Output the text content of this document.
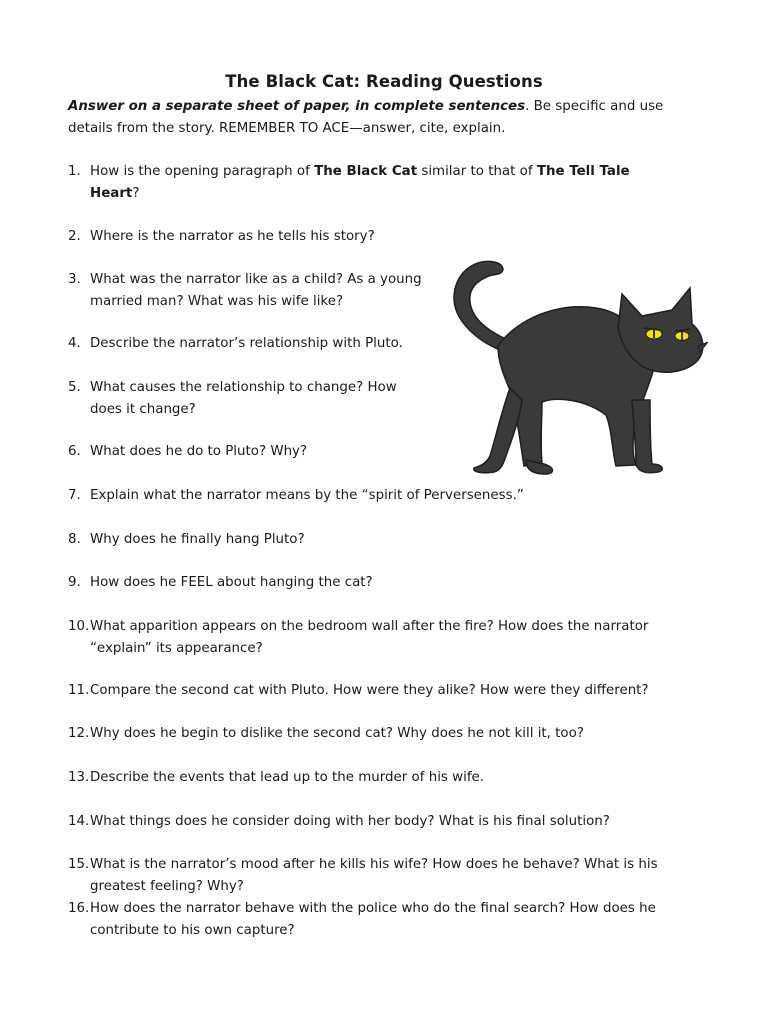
The Black Cat: Reading Questions
Answer on a separate sheet of paper, in complete sentences. Be specific and use details from the story. REMEMBER TO ACE—answer, cite, explain.
1. How is the opening paragraph of The Black Cat similar to that of The Tell Tale Heart?
2. Where is the narrator as he tells his story?
3. What was the narrator like as a child? As a young married man? What was his wife like?
4. Describe the narrator’s relationship with Pluto.
5. What causes the relationship to change? How does it change?
6. What does he do to Pluto? Why?
7. Explain what the narrator means by the “spirit of Perverseness.”
8. Why does he finally hang Pluto?
9. How does he FEEL about hanging the cat?
10. What apparition appears on the bedroom wall after the fire? How does the narrator “explain” its appearance?
11. Compare the second cat with Pluto. How were they alike? How were they different?
12. Why does he begin to dislike the second cat? Why does he not kill it, too?
13. Describe the events that lead up to the murder of his wife.
14. What things does he consider doing with her body? What is his final solution?
15. What is the narrator’s mood after he kills his wife? How does he behave? What is his greatest feeling? Why?
16. How does the narrator behave with the police who do the final search? How does he contribute to his own capture?
